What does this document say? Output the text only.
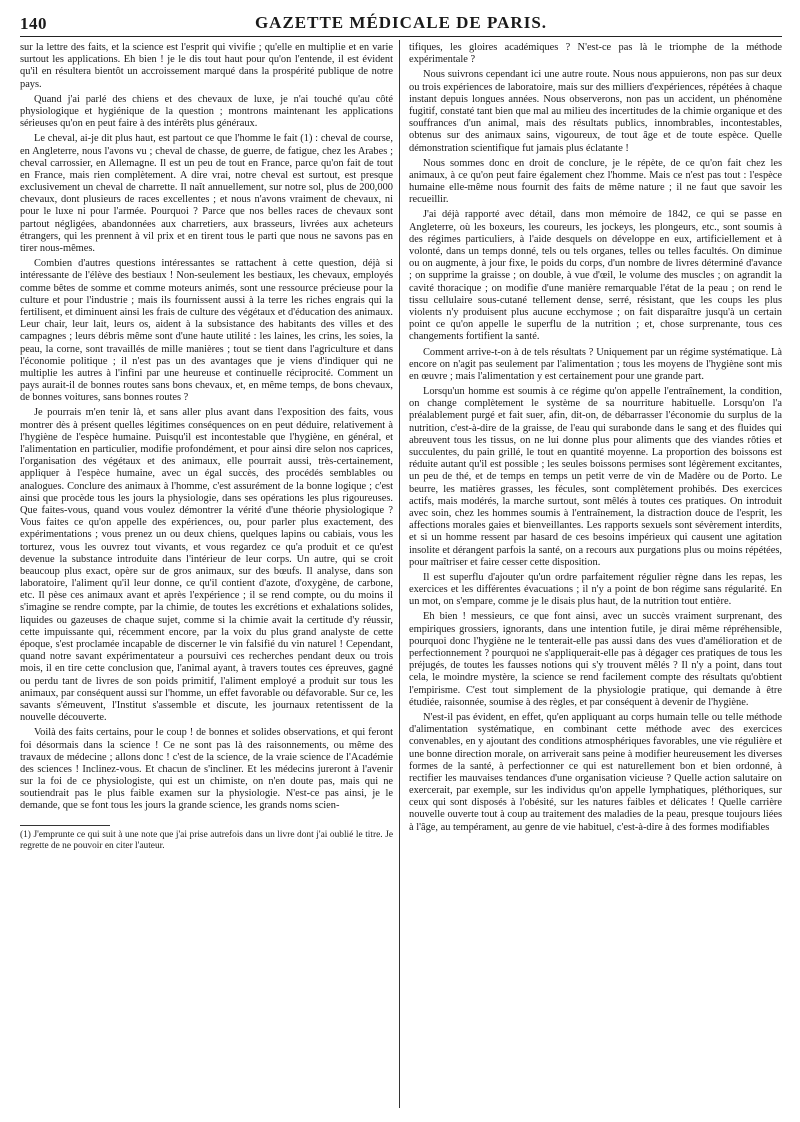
140	GAZETTE MÉDICALE DE PARIS.

sur la lettre des faits, et la science est l'esprit qui vivifie ; qu'elle en multiplie et en varie surtout les applications. Eh bien ! je le dis tout haut pour qu'on l'entende, il est évident qu'il en résultera bientôt un accroissement marqué dans la prospérité publique de notre pays.

Quand j'ai parlé des chiens et des chevaux de luxe, je n'ai touché qu'au côté physiologique et hygiénique de la question ; montrons maintenant les applications sérieuses qu'on en peut faire à des intérêts plus généraux.

Le cheval, ai-je dit plus haut, est partout ce que l'homme le fait (1) : cheval de course, en Angleterre, nous l'avons vu ; cheval de chasse, de guerre, de fatigue, chez les Arabes ; cheval carrossier, en Allemagne. Il est un peu de tout en France, parce qu'on fait de tout en France, mais rien complètement. A dire vrai, notre cheval est surtout, est presque exclusivement un cheval de charrette. Il naît annuellement, sur notre sol, plus de 200,000 chevaux, dont plusieurs de races excellentes ; et nous n'avons vraiment de chevaux, ni pour le luxe ni pour l'armée. Pourquoi ? Parce que nos belles races de chevaux sont partout négligées, abandonnées aux charretiers, aux brasseurs, livrées aux acheteurs étrangers, qui les prennent à vil prix et en tirent tous le parti que nous ne savons pas en tirer nous-mêmes.

Combien d'autres questions intéressantes se rattachent à cette question, déjà si intéressante de l'élève des bestiaux ! Non-seulement les bestiaux, les chevaux, employés comme bêtes de somme et comme moteurs animés, sont une ressource précieuse pour la culture et pour l'industrie ; mais ils fournissent aussi à la terre les riches engrais qui la fertilisent, et diminuent ainsi les frais de culture des végétaux et d'éducation des animaux. Leur chair, leur lait, leurs os, aident à la subsistance des habitants des villes et des campagnes ; leurs débris même sont d'une haute utilité : les laines, les crins, les soies, la peau, la corne, sont travaillés de mille manières ; tout se tient dans l'agriculture et dans l'économie politique ; il n'est pas un des avantages que je viens d'indiquer qui ne multiplie les autres à l'infini par une heureuse et continuelle réciprocité. Comment un pays aurait-il de bonnes routes sans bons chevaux, et, en même temps, de bons chevaux, de bonnes voitures, sans bonnes routes ?

Je pourrais m'en tenir là, et sans aller plus avant dans l'exposition des faits, vous montrer dès à présent quelles légitimes conséquences on en peut déduire, relativement à l'hygiène de l'espèce humaine. Puisqu'il est incontestable que l'hygiène, en général, et l'alimentation en particulier, modifie profondément, et pour ainsi dire selon nos caprices, l'organisation des végétaux et des animaux, elle pourrait aussi, très-certainement, appliquer à l'espèce humaine, avec un égal succès, des procédés semblables ou analogues. Conclure des animaux à l'homme, c'est assurément de la bonne logique ; c'est ainsi que procède tous les jours la physiologie, dans ses opérations les plus rigoureuses. Que faites-vous, quand vous voulez démontrer la vérité d'une théorie physiologique ? Vous faites ce qu'on appelle des expériences, ou, pour parler plus exactement, des expérimentations ; vous prenez un ou deux chiens, quelques lapins ou cabiais, vous les torturez, vous les ouvrez tout vivants, et vous regardez ce qu'a produit et ce qu'est devenue la substance introduite dans l'intérieur de leur corps. Un autre, qui se croit beaucoup plus exact, opère sur de gros animaux, sur des bœufs. Il analyse, dans son laboratoire, l'aliment qu'il leur donne, ce qu'il contient d'azote, d'oxygène, de carbone, etc. Il pèse ces animaux avant et après l'expérience ; il se rend compte, ou du moins il s'imagine se rendre compte, par la chimie, de toutes les excrétions et exhalations solides, liquides ou gazeuses de chaque sujet, comme si la chimie avait la certitude d'y réussir, cette impuissante qui, récemment encore, par la voix du plus grand analyste de cette époque, s'est proclamée incapable de discerner le vin falsifié du vin naturel ! Cependant, quand notre savant expérimentateur a poursuivi ces recherches pendant deux ou trois mois, il en tire cette conclusion que, l'animal ayant, à travers toutes ces épreuves, gagné ou perdu tant de livres de son poids primitif, l'aliment employé a produit sur tous les animaux, par conséquent aussi sur l'homme, un effet favorable ou défavorable. Sur ce, les savants s'émeuvent, l'Institut s'assemble et discute, les journaux retentissent de la nouvelle découverte.

Voilà des faits certains, pour le coup ! de bonnes et solides observations, et qui feront foi désormais dans la science ! Ce ne sont pas là des raisonnements, ou même des travaux de médecine ; allons donc ! c'est de la science, de la vraie science de l'Académie des sciences ! Inclinez-vous. Et chacun de s'incliner. Et les médecins jureront à l'avenir sur la foi de ce physiologiste, qui est un chimiste, on n'en doute pas, mais qui ne soutiendrait pas le plus faible examen sur la physiologie. N'est-ce pas ainsi, je le demande, que se font tous les jours la grande science, les grands noms scien-

(1) J'emprunte ce qui suit à une note que j'ai prise autrefois dans un livre dont j'ai oublié le titre. Je regrette de ne pouvoir en citer l'auteur.

tifiques, les gloires académiques ? N'est-ce pas là le triomphe de la méthode expérimentale ?

Nous suivrons cependant ici une autre route. Nous nous appuierons, non pas sur deux ou trois expériences de laboratoire, mais sur des milliers d'expériences, répétées à chaque instant depuis longues années. Nous observerons, non pas un accident, un phénomène fugitif, constaté tant bien que mal au milieu des incertitudes de la chimie organique et des souffrances d'un animal, mais des résultats publics, innombrables, incontestables, obtenus sur des animaux sains, vigoureux, de tout âge et de toute espèce. Quelle démonstration scientifique fut jamais plus éclatante !

Nous sommes donc en droit de conclure, je le répète, de ce qu'on fait chez les animaux, à ce qu'on peut faire également chez l'homme. Mais ce n'est pas tout : l'espèce humaine elle-même nous fournit des faits de même nature ; il ne faut que savoir les recueillir.

J'ai déjà rapporté avec détail, dans mon mémoire de 1842, ce qui se passe en Angleterre, où les boxeurs, les coureurs, les jockeys, les plongeurs, etc., sont soumis à des régimes particuliers, à l'aide desquels on développe en eux, artificiellement et à volonté, dans un temps donné, tels ou tels organes, telles ou telles facultés. On diminue ou on augmente, à jour fixe, le poids du corps, d'un nombre de livres déterminé d'avance ; on supprime la graisse ; on double, à vue d'œil, le volume des muscles ; on agrandit la cavité thoracique ; on modifie d'une manière remarquable l'état de la peau ; on rend le tissu cellulaire sous-cutané tellement dense, serré, résistant, que les coups les plus violents n'y produisent plus aucune ecchymose ; on fait disparaître jusqu'à un certain point ce qu'on appelle le superflu de la nutrition ; et, chose surprenante, tous ces changements fortifient la santé.

Comment arrive-t-on à de tels résultats ? Uniquement par un régime systématique. Là encore on n'agit pas seulement par l'alimentation ; tous les moyens de l'hygiène sont mis en œuvre ; mais l'alimentation y est certainement pour une grande part.

Lorsqu'un homme est soumis à ce régime qu'on appelle l'entraînement, la condition, on change complètement le système de sa nourriture habituelle. Lorsqu'on l'a préalablement purgé et fait suer, afin, dit-on, de débarrasser l'économie du surplus de la nutrition, c'est-à-dire de la graisse, de l'eau qui surabonde dans le sang et des fluides qui abreuvent tous les tissus, on ne lui donne plus pour aliments que des viandes rôties et succulentes, du pain grillé, le tout en quantité moyenne. La proportion des boissons est réduite autant qu'il est possible ; les seules boissons permises sont légèrement excitantes, un peu de thé, et de temps en temps un petit verre de vin de Madère ou de Porto. Le beurre, les matières grasses, les fécules, sont complètement prohibés. Des exercices actifs, mais modérés, la marche surtout, sont mêlés à toutes ces pratiques. On introduit avec soin, chez les hommes soumis à l'entraînement, la distraction douce de l'esprit, les affections morales gaies et bienveillantes. Les rapports sexuels sont sévèrement interdits, et si un homme ressent par hasard de ces besoins impérieux qui causent une agitation insolite et dérangent parfois la santé, on a recours aux purgations plus ou moins répétées, pour maîtriser et faire cesser cette disposition.

Il est superflu d'ajouter qu'un ordre parfaitement régulier règne dans les repas, les exercices et les différentes évacuations ; il n'y a point de bon régime sans régularité. En un mot, on s'empare, comme je le disais plus haut, de la nutrition tout entière.

Eh bien ! messieurs, ce que font ainsi, avec un succès vraiment surprenant, des empiriques grossiers, ignorants, dans une intention futile, je dirai même répréhensible, pourquoi donc l'hygiène ne le tenterait-elle pas aussi dans des vues d'amélioration et de perfectionnement ? pourquoi ne s'appliquerait-elle pas à dégager ces pratiques de tous les préjugés, de toutes les fausses notions qui s'y trouvent mêlés ? Il n'y a point, dans tout cela, le moindre mystère, la science se rend facilement compte des résultats qu'obtient l'empirisme. C'est tout simplement de la physiologie pratique, qui demande à être étudiée, raisonnée, soumise à des règles, et par conséquent à devenir de l'hygiène.

N'est-il pas évident, en effet, qu'en appliquant au corps humain telle ou telle méthode d'alimentation systématique, en combinant cette méthode avec des exercices convenables, en y ajoutant des conditions atmosphériques favorables, une vie régulière et une bonne direction morale, on arriverait sans peine à modifier heureusement les diverses formes de la santé, à perfectionner ce qui est naturellement bon et bien ordonné, à rectifier les mauvaises tendances d'une organisation vicieuse ? Quelle action salutaire on exercerait, par exemple, sur les individus qu'on appelle lymphatiques, pléthoriques, sur ceux qui sont disposés à l'obésité, sur les natures faibles et délicates ! Quelle carrière nouvelle ouverte tout à coup au traitement des maladies de la peau, presque toujours liées à l'âge, au tempérament, au genre de vie habituel, c'est-à-dire à des formes modifiables
